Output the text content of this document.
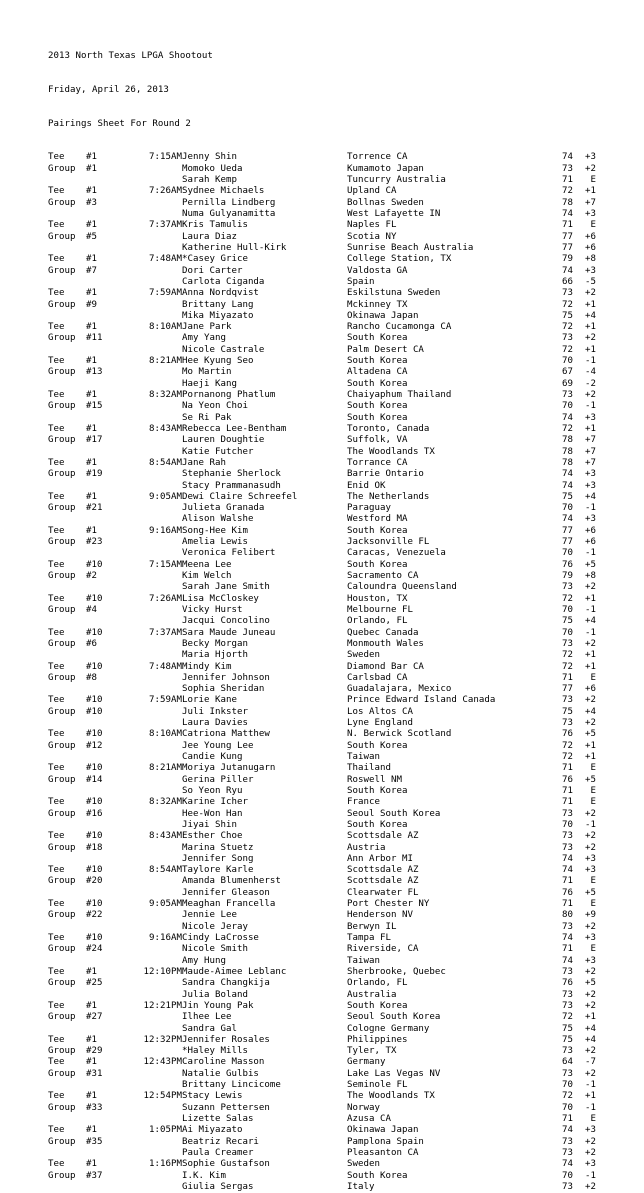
2013 North Texas LPGA Shootout

Friday, April 26, 2013

Pairings Sheet For Round 2

Tee	#1	7:15AM	Jenny Shin	Torrence CA	74	+3
Group	#1		Momoko Ueda	Kumamoto Japan	73	+2
			Sarah Kemp	Tuncurry Australia	71	E
Tee	#1	7:26AM	Sydnee Michaels	Upland CA	72	+1
Group	#3		Pernilla Lindberg	Bollnas Sweden	78	+7
			Numa Gulyanamitta	West Lafayette IN	74	+3
Tee	#1	7:37AM	Kris Tamulis	Naples FL	71	E
Group	#5		Laura Diaz	Scotia NY	77	+6
			Katherine Hull-Kirk	Sunrise Beach Australia	77	+6
Tee	#1	7:48AM	*Casey Grice	College Station, TX	79	+8
Group	#7		Dori Carter	Valdosta GA	74	+3
			Carlota Ciganda	Spain	66	-5
Tee	#1	7:59AM	Anna Nordqvist	Eskilstuna Sweden	73	+2
Group	#9		Brittany Lang	Mckinney TX	72	+1
			Mika Miyazato	Okinawa Japan	75	+4
Tee	#1	8:10AM	Jane Park	Rancho Cucamonga CA	72	+1
Group	#11		Amy Yang	South Korea	73	+2
			Nicole Castrale	Palm Desert CA	72	+1
Tee	#1	8:21AM	Hee Kyung Seo	South Korea	70	-1
Group	#13		Mo Martin	Altadena CA	67	-4
			Haeji Kang	South Korea	69	-2
Tee	#1	8:32AM	Pornanong Phatlum	Chaiyaphum Thailand	73	+2
Group	#15		Na Yeon Choi	South Korea	70	-1
			Se Ri Pak	South Korea	74	+3
Tee	#1	8:43AM	Rebecca Lee-Bentham	Toronto, Canada	72	+1
Group	#17		Lauren Doughtie	Suffolk, VA	78	+7
			Katie Futcher	The Woodlands TX	78	+7
Tee	#1	8:54AM	Jane Rah	Torrance CA	78	+7
Group	#19		Stephanie Sherlock	Barrie Ontario	74	+3
			Stacy Prammanasudh	Enid OK	74	+3
Tee	#1	9:05AM	Dewi Claire Schreefel	The Netherlands	75	+4
Group	#21		Julieta Granada	Paraguay	70	-1
			Alison Walshe	Westford MA	74	+3
Tee	#1	9:16AM	Song-Hee Kim	South Korea	77	+6
Group	#23		Amelia Lewis	Jacksonville FL	77	+6
			Veronica Felibert	Caracas, Venezuela	70	-1
Tee	#10	7:15AM	Meena Lee	South Korea	76	+5
Group	#2		Kim Welch	Sacramento CA	79	+8
			Sarah Jane Smith	Caloundra Queensland	73	+2
Tee	#10	7:26AM	Lisa McCloskey	Houston, TX	72	+1
Group	#4		Vicky Hurst	Melbourne FL	70	-1
			Jacqui Concolino	Orlando, FL	75	+4
Tee	#10	7:37AM	Sara Maude Juneau	Quebec Canada	70	-1
Group	#6		Becky Morgan	Monmouth Wales	73	+2
			Maria Hjorth	Sweden	72	+1
Tee	#10	7:48AM	Mindy Kim	Diamond Bar CA	72	+1
Group	#8		Jennifer Johnson	Carlsbad CA	71	E
			Sophia Sheridan	Guadalajara, Mexico	77	+6
Tee	#10	7:59AM	Lorie Kane	Prince Edward Island Canada	73	+2
Group	#10		Juli Inkster	Los Altos CA	75	+4
			Laura Davies	Lyne England	73	+2
Tee	#10	8:10AM	Catriona Matthew	N. Berwick Scotland	76	+5
Group	#12		Jee Young Lee	South Korea	72	+1
			Candie Kung	Taiwan	72	+1
Tee	#10	8:21AM	Moriya Jutanugarn	Thailand	71	E
Group	#14		Gerina Piller	Roswell NM	76	+5
			So Yeon Ryu	South Korea	71	E
Tee	#10	8:32AM	Karine Icher	France	71	E
Group	#16		Hee-Won Han	Seoul South Korea	73	+2
			Jiyai Shin	South Korea	70	-1
Tee	#10	8:43AM	Esther Choe	Scottsdale AZ	73	+2
Group	#18		Marina Stuetz	Austria	73	+2
			Jennifer Song	Ann Arbor MI	74	+3
Tee	#10	8:54AM	Taylore Karle	Scottsdale AZ	74	+3
Group	#20		Amanda Blumenherst	Scottsdale AZ	71	E
			Jennifer Gleason	Clearwater FL	76	+5
Tee	#10	9:05AM	Meaghan Francella	Port Chester NY	71	E
Group	#22		Jennie Lee	Henderson NV	80	+9
			Nicole Jeray	Berwyn IL	73	+2
Tee	#10	9:16AM	Cindy LaCrosse	Tampa FL	74	+3
Group	#24		Nicole Smith	Riverside, CA	71	E
			Amy Hung	Taiwan	74	+3
Tee	#1	12:10PM	Maude-Aimee Leblanc	Sherbrooke, Quebec	73	+2
Group	#25		Sandra Changkija	Orlando, FL	76	+5
			Julia Boland	Australia	73	+2
Tee	#1	12:21PM	Jin Young Pak	South Korea	73	+2
Group	#27		Ilhee Lee	Seoul South Korea	72	+1
			Sandra Gal	Cologne Germany	75	+4
Tee	#1	12:32PM	Jennifer Rosales	Philippines	75	+4
Group	#29		*Haley Mills	Tyler, TX	73	+2
Tee	#1	12:43PM	Caroline Masson	Germany	64	-7
Group	#31		Natalie Gulbis	Lake Las Vegas NV	73	+2
			Brittany Lincicome	Seminole FL	70	-1
Tee	#1	12:54PM	Stacy Lewis	The Woodlands TX	72	+1
Group	#33		Suzann Pettersen	Norway	70	-1
			Lizette Salas	Azusa CA	71	E
Tee	#1	1:05PM	Ai Miyazato	Okinawa Japan	74	+3
Group	#35		Beatriz Recari	Pamplona Spain	73	+2
			Paula Creamer	Pleasanton CA	73	+2
Tee	#1	1:16PM	Sophie Gustafson	Sweden	74	+3
Group	#37		I.K. Kim	South Korea	70	-1
			Giulia Sergas	Italy	73	+2
